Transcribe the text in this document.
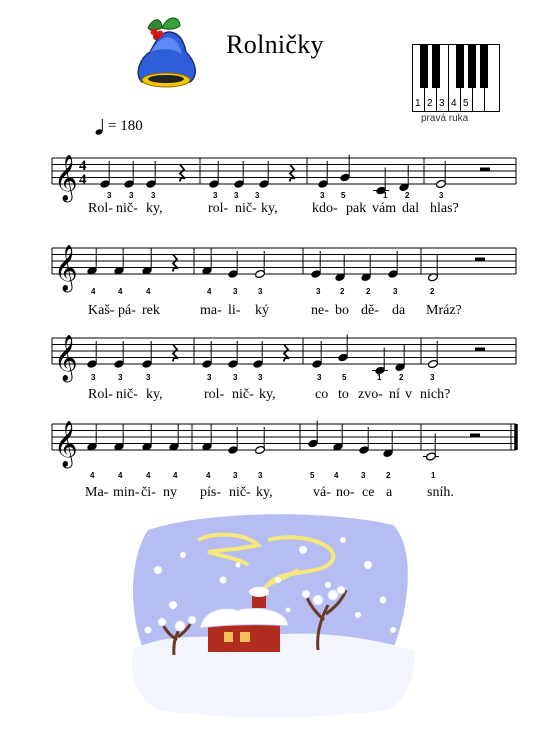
Rolničky
1 2 3 4 5
pravá ruka
= 180
𝄞 4
4
3 3 3	3 3 3	3 5	1 2	3
Rol- nič- ky,	rol- nič- ky, kdo- pak vám dal hlas?
𝄞
4	4	4	4	3	3	3 2	2	3	2
Kaš- pá- rek	ma- li- ký	ne- bo dě- da Mráz?
𝄞 3	3	3	3	3	3	3	5	1 2	3
Rol- nič- ky,	rol- nič- ky,	co to zvo- ní v nich?
𝄞
4	4	4	4	4	3	3	5 4	3	2	1
Ma- min- či- ny pís- nič- ky,	vá- no- ce a sníh.
